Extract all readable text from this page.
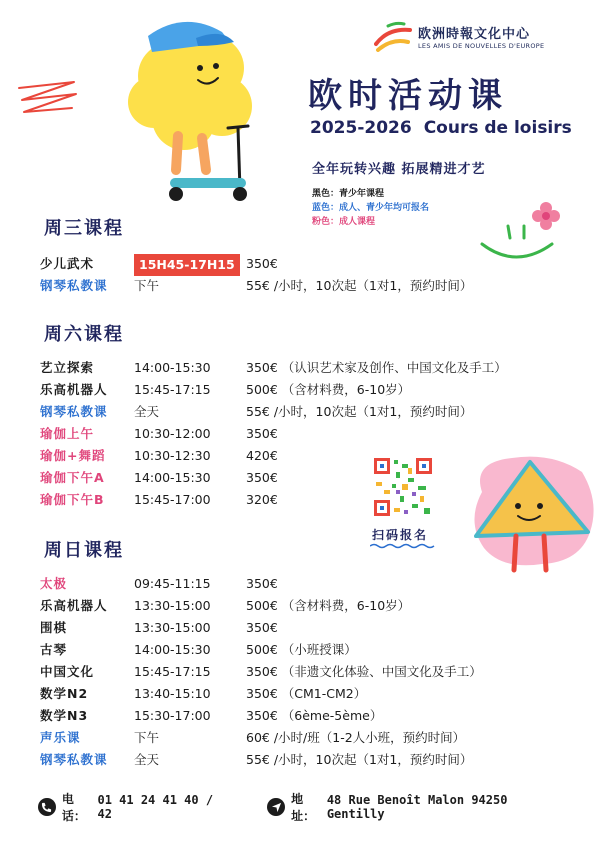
欧洲時報文化中心
LES AMIS DE NOUVELLES D'EUROPE
欧时活动课
2025-2026 Cours de loisirs
全年玩转兴趣 拓展精进才艺
黑色：青少年课程
蓝色：成人、青少年均可报名
粉色：成人课程
周三课程
少儿武术	15H45-17H15 350€
钢琴私教课 下午	55€ /小时，10次起（1对1，预约时间）
周六课程
艺立探索	14:00-15:30	350€ （认识艺术家及创作、中国文化及手工）
乐高机器人 15:45-17:15	500€ （含材料费，6-10岁）
钢琴私教课 全天	55€ /小时，10次起（1对1，预约时间）
瑜伽上午	10:30-12:00	350€
瑜伽+舞蹈 10:30-12:30	420€
瑜伽下午A 14:00-15:30	350€
瑜伽下午B 15:45-17:00	320€
周日课程
太极	09:45-11:15	350€
乐高机器人 13:30-15:00	500€ （含材料费，6-10岁）
围棋	13:30-15:00	350€
古琴	14:00-15:30	500€ （小班授课）
中国文化	15:45-17:15	350€ （非遗文化体验、中国文化及手工）
数学N2	13:40-15:10	350€ （CM1-CM2）
数学N3	15:30-17:00	350€ （6ème-5ème）
声乐课	下午	60€ /小时/班（1-2人小班，预约时间）
钢琴私教课 全天	55€ /小时，10次起（1对1，预约时间）
扫码报名
电话：
01 41 24 41 40 / 42
地址：
48 Rue Benoît Malon 94250 Gentilly
